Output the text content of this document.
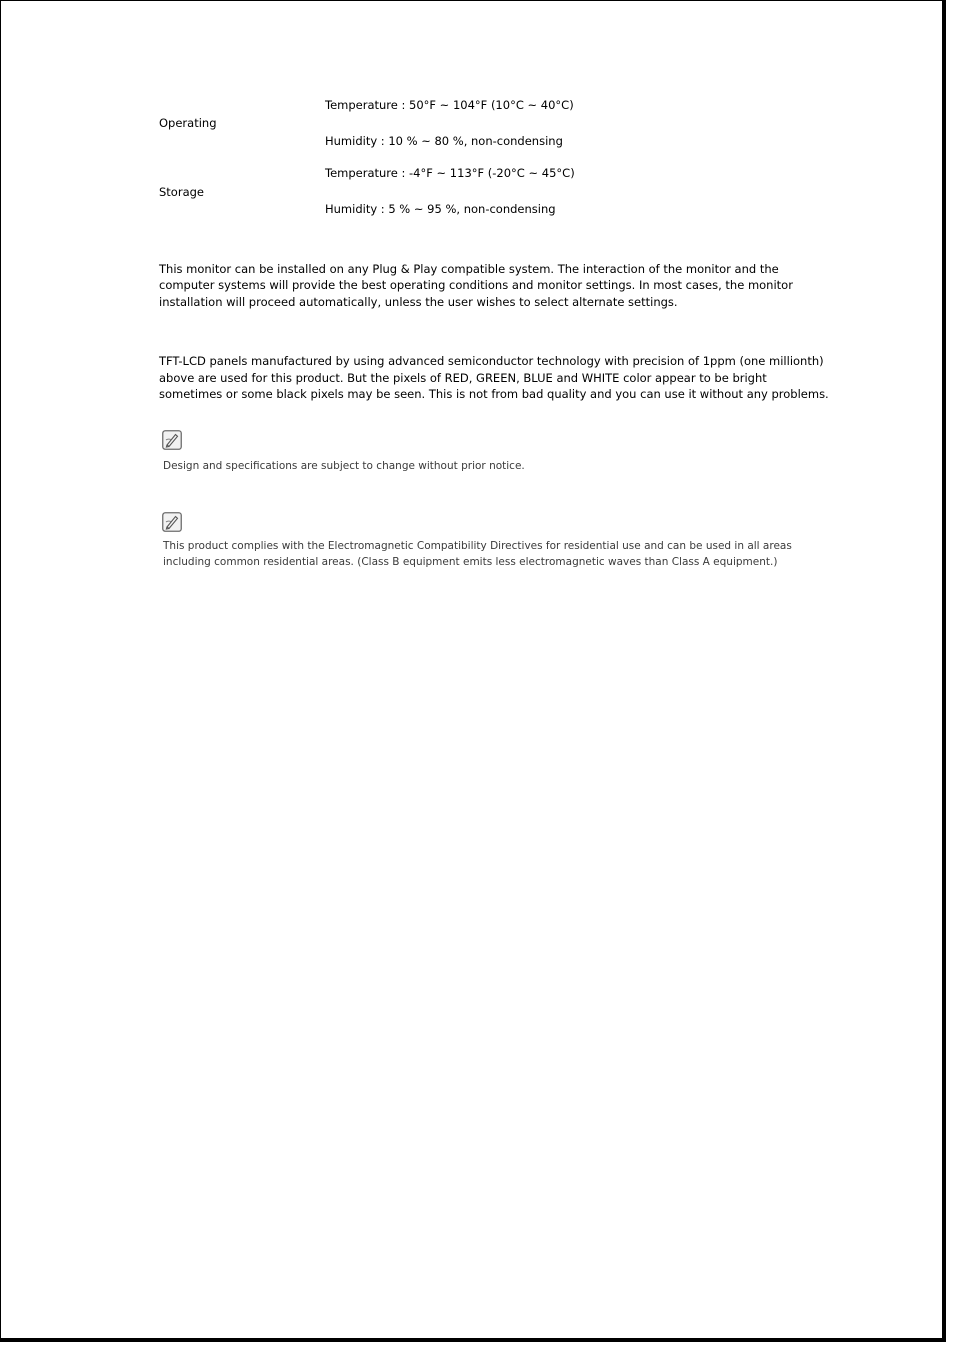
Temperature : 50°F ~ 104°F (10°C ~ 40°C)
Operating
Humidity : 10 % ~ 80 %, non-condensing
Temperature : -4°F ~ 113°F (-20°C ~ 45°C)
Storage
Humidity : 5 % ~ 95 %, non-condensing
This monitor can be installed on any Plug & Play compatible system. The interaction of the monitor and the
computer systems will provide the best operating conditions and monitor settings. In most cases, the monitor
installation will proceed automatically, unless the user wishes to select alternate settings.
TFT-LCD panels manufactured by using advanced semiconductor technology with precision of 1ppm (one millionth)
above are used for this product. But the pixels of RED, GREEN, BLUE and WHITE color appear to be bright
sometimes or some black pixels may be seen. This is not from bad quality and you can use it without any problems.
Design and specifications are subject to change without prior notice.
This product complies with the Electromagnetic Compatibility Directives for residential use and can be used in all areas
including common residential areas. (Class B equipment emits less electromagnetic waves than Class A equipment.)
